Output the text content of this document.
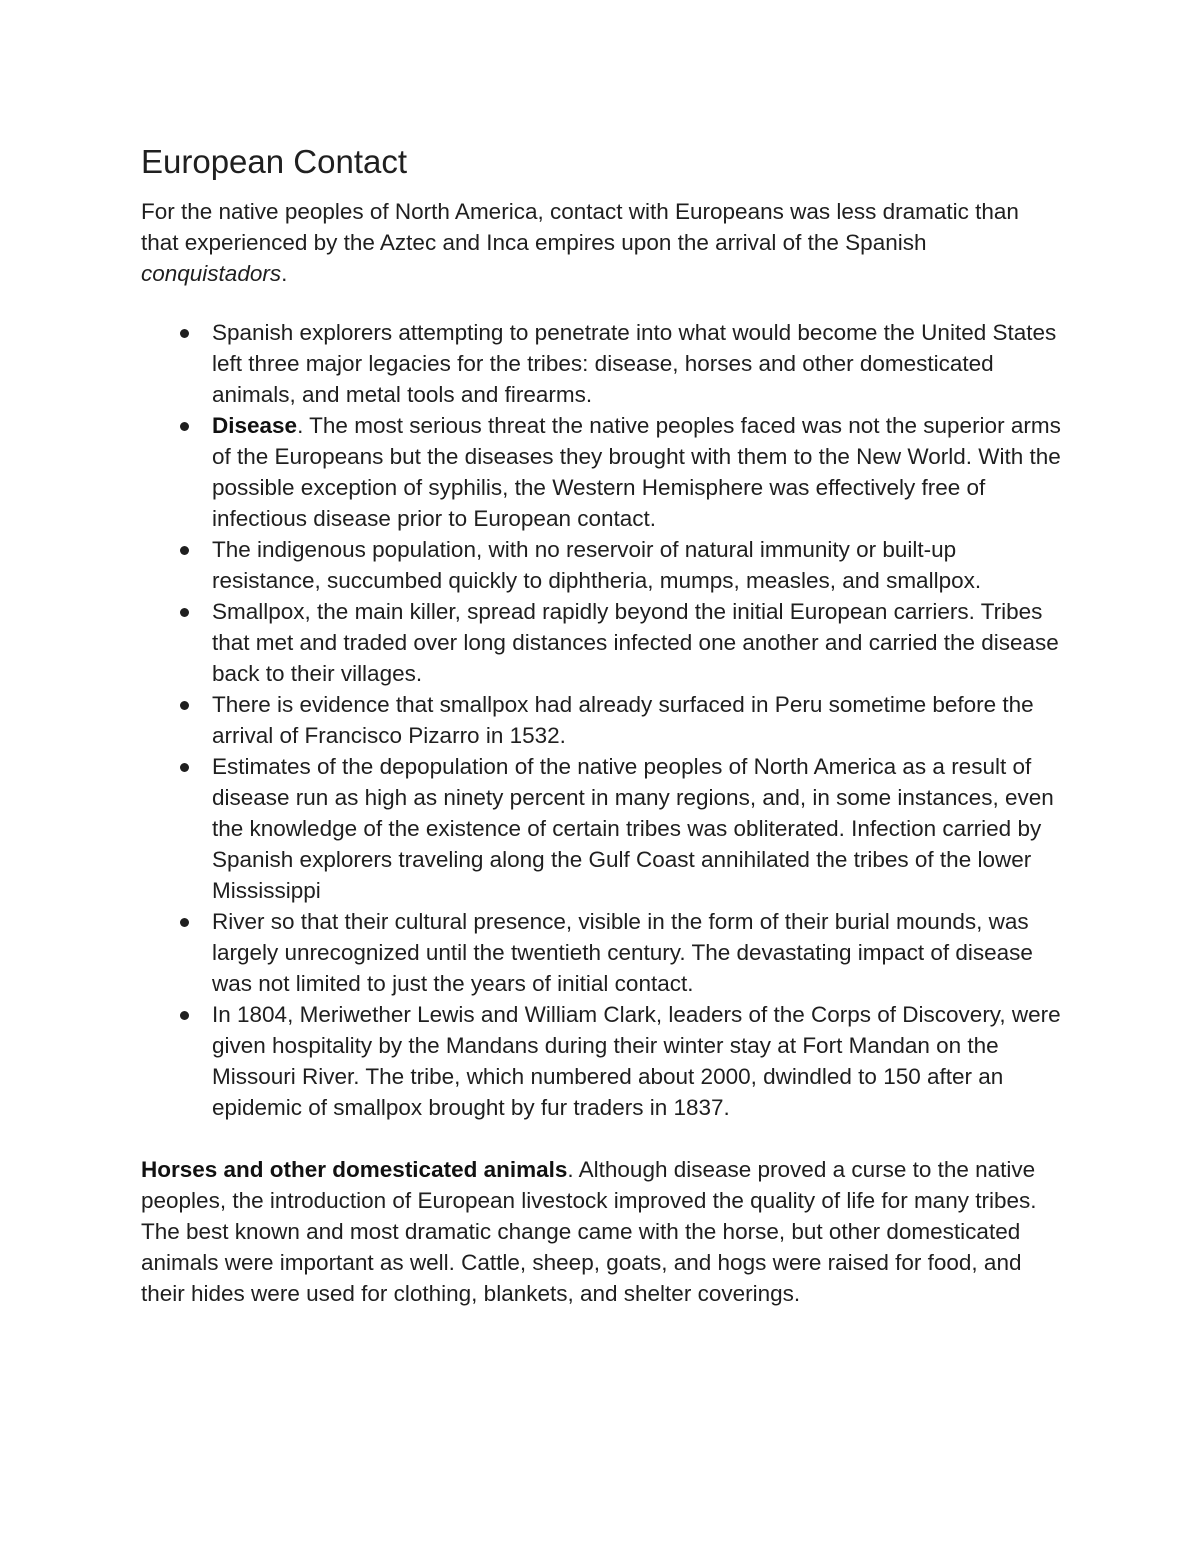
European Contact

For the native peoples of North America, contact with Europeans was less dramatic than that experienced by the Aztec and Inca empires upon the arrival of the Spanish conquistadors.

Spanish explorers attempting to penetrate into what would become the United States left three major legacies for the tribes: disease, horses and other domesticated animals, and metal tools and firearms.
Disease. The most serious threat the native peoples faced was not the superior arms of the Europeans but the diseases they brought with them to the New World. With the possible exception of syphilis, the Western Hemisphere was effectively free of infectious disease prior to European contact.
The indigenous population, with no reservoir of natural immunity or built-up resistance, succumbed quickly to diphtheria, mumps, measles, and smallpox.
Smallpox, the main killer, spread rapidly beyond the initial European carriers. Tribes that met and traded over long distances infected one another and carried the disease back to their villages.
There is evidence that smallpox had already surfaced in Peru sometime before the arrival of Francisco Pizarro in 1532.
Estimates of the depopulation of the native peoples of North America as a result of disease run as high as ninety percent in many regions, and, in some instances, even the knowledge of the existence of certain tribes was obliterated. Infection carried by Spanish explorers traveling along the Gulf Coast annihilated the tribes of the lower Mississippi
River so that their cultural presence, visible in the form of their burial mounds, was largely unrecognized until the twentieth century. The devastating impact of disease was not limited to just the years of initial contact.
In 1804, Meriwether Lewis and William Clark, leaders of the Corps of Discovery, were given hospitality by the Mandans during their winter stay at Fort Mandan on the Missouri River. The tribe, which numbered about 2000, dwindled to 150 after an epidemic of smallpox brought by fur traders in 1837.

Horses and other domesticated animals. Although disease proved a curse to the native peoples, the introduction of European livestock improved the quality of life for many tribes. The best known and most dramatic change came with the horse, but other domesticated animals were important as well. Cattle, sheep, goats, and hogs were raised for food, and their hides were used for clothing, blankets, and shelter coverings.
